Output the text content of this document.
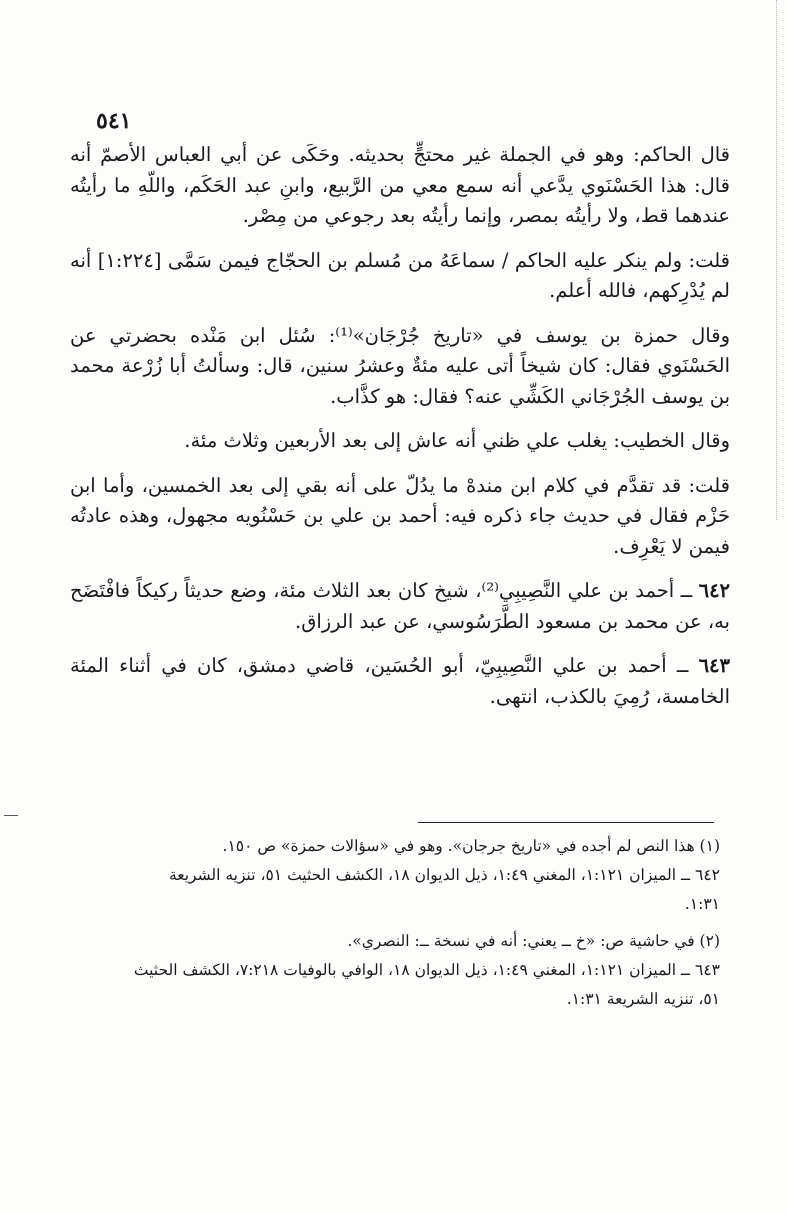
٥٤١

قال الحاكم: وهو في الجملة غير محتجٍّ بحديثه. وحَكَى عن أبي العباس الأصمّ أنه قال: هذا الحَسْنَوي يدَّعي أنه سمع معي من الرَّبيع، وابنِ عبد الحَكَم، واللّهِ ما رأيتُه عندهما قط، ولا رأيتُه بمصر، وإنما رأيتُه بعد رجوعي من مِصْر.

قلت: ولم ينكر عليه الحاكم / سماعَهُ من مُسلم بن الحجّاج فيمن سَمَّى [١:٢٢٤] أنه لم يُدْرِكهم، فالله أعلم.

وقال حمزة بن يوسف في «تاريخ جُرْجَان»⁽¹⁾: سُئل ابن مَنْده بحضرتي عن الحَسْنَوي فقال: كان شيخاً أتى عليه مئةٌ وعشرُ سنين، قال: وسألتُ أبا زُرْعة محمد بن يوسف الجُرْجَاني الكَشِّي عنه؟ فقال: هو كذَّاب.

وقال الخطيب: يغلب علي ظني أنه عاش إلى بعد الأربعين وثلاث مئة.

قلت: قد تقدَّم في كلام ابن مندهْ ما يدُلّ على أنه بقي إلى بعد الخمسين، وأما ابن حَزْم فقال في حديث جاء ذكره فيه: أحمد بن علي بن حَسْنُويه مجهول، وهذه عادتُه فيمن لا يَعْرِف.

٦٤٢ ــ أحمد بن علي النَّصِيبِي⁽²⁾، شيخ كان بعد الثلاث مئة، وضع حديثاً ركيكاً فافْتَضَح به، عن محمد بن مسعود الطَّرَسُوسي، عن عبد الرزاق.

٦٤٣ ــ أحمد بن علي النَّصِيبِيّ، أبو الحُسَين، قاضي دمشق، كان في أثناء المئة الخامسة، رُمِيَ بالكذب، انتهى.

(١) هذا النص لم أجده في «تاريخ جرجان». وهو في «سؤالات حمزة» ص ١٥٠.
٦٤٢ ــ الميزان ١:١٢١، المغني ١:٤٩، ذيل الديوان ١٨، الكشف الحثيث ٥١، تنزيه الشريعة ١:٣١.
(٢) في حاشية ص: «خ ــ يعني: أنه في نسخة ــ: النصري».
٦٤٣ ــ الميزان ١:١٢١، المغني ١:٤٩، ذيل الديوان ١٨، الوافي بالوفيات ٧:٢١٨، الكشف الحثيث ٥١، تنزيه الشريعة ١:٣١.
